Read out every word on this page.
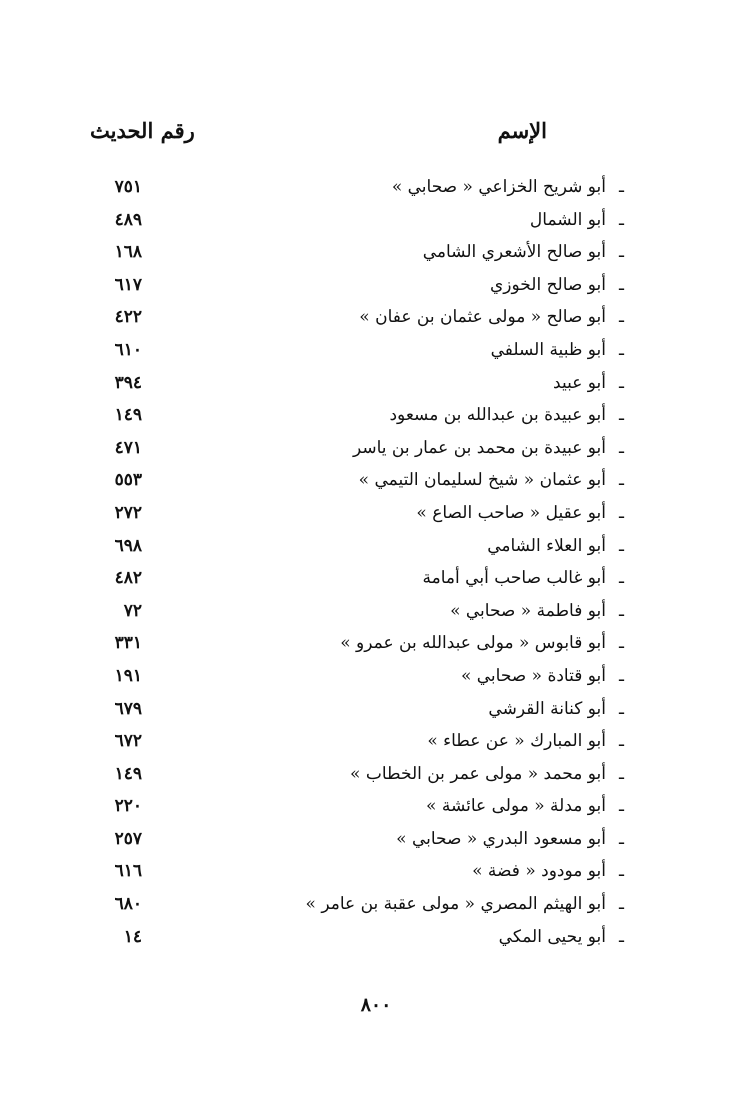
الإسم
رقم الحديث
ـ
أبو شريح الخزاعي « صحابي »
٧٥١
ـ
أبو الشمال
٤٨٩
ـ
أبو صالح الأشعري الشامي
١٦٨
ـ
أبو صالح الخوزي
٦١٧
ـ
أبو صالح « مولى عثمان بن عفان »
٤٢٢
ـ
أبو ظبية السلفي
٦١٠
ـ
أبو عبيد
٣٩٤
ـ
أبو عبيدة بن عبدالله بن مسعود
١٤٩
ـ
أبو عبيدة بن محمد بن عمار بن ياسر
٤٧١
ـ
أبو عثمان « شيخ لسليمان التيمي »
٥٥٣
ـ
أبو عقيل « صاحب الصاع »
٢٧٢
ـ
أبو العلاء الشامي
٦٩٨
ـ
أبو غالب صاحب أبي أمامة
٤٨٢
ـ
أبو فاطمة « صحابي »
٧٢
ـ
أبو قابوس « مولى عبدالله بن عمرو »
٣٣١
ـ
أبو قتادة « صحابي »
١٩١
ـ
أبو كنانة القرشي
٦٧٩
ـ
أبو المبارك « عن عطاء »
٦٧٢
ـ
أبو محمد « مولى عمر بن الخطاب »
١٤٩
ـ
أبو مدلة « مولى عائشة »
٢٢٠
ـ
أبو مسعود البدري « صحابي »
٢٥٧
ـ
أبو مودود « فضة »
٦١٦
ـ
أبو الهيثم المصري « مولى عقبة بن عامر »
٦٨٠
ـ
أبو يحيى المكي
١٤
٨٠٠
